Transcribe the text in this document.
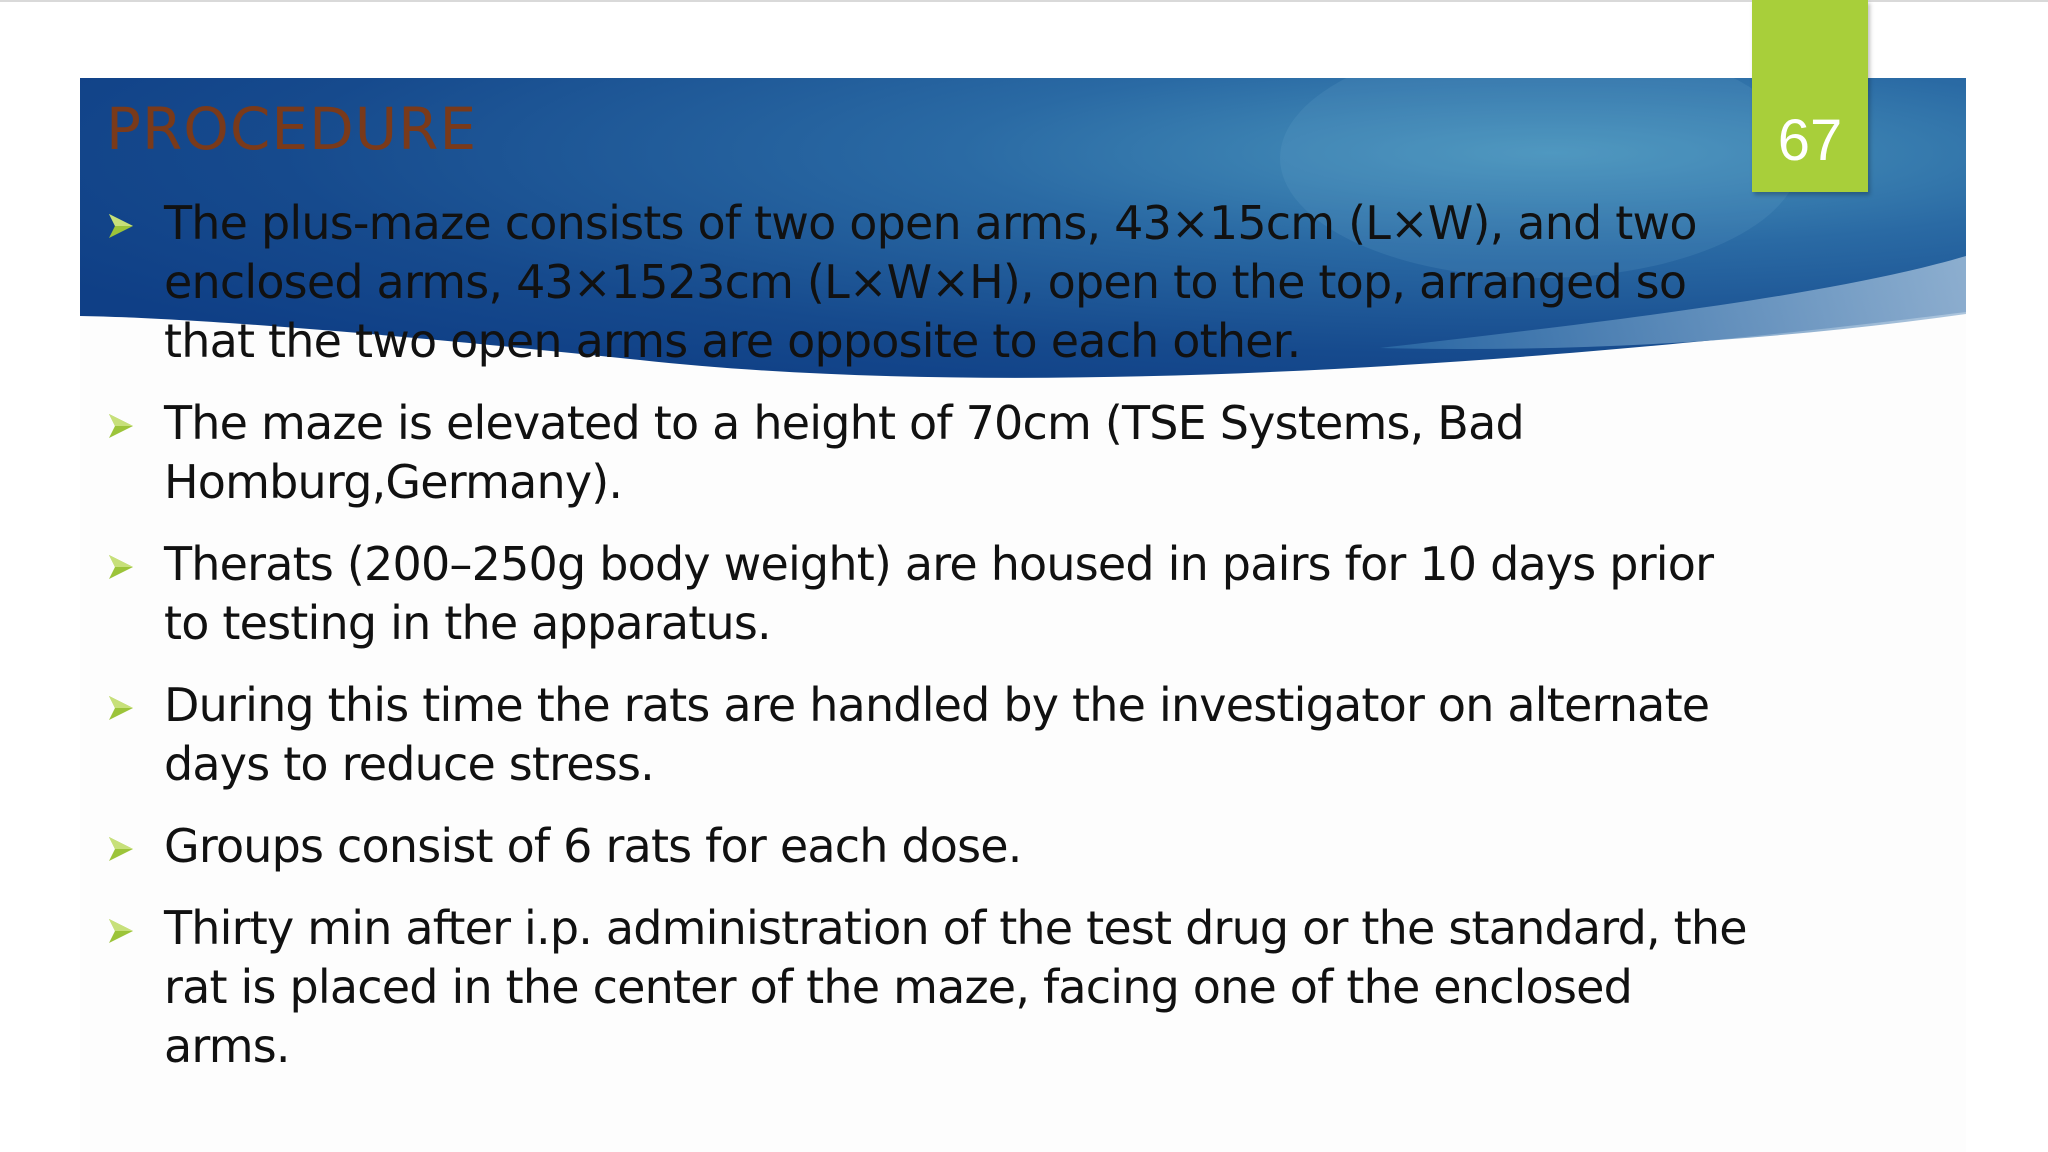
67
PROCEDURE
The plus-maze consists of two open arms, 43×15cm (L×W), and two enclosed arms, 43×1523cm (L×W×H), open to the top, arranged so that the two open arms are opposite to each other.
The maze is elevated to a height of 70cm (TSE Systems, Bad Homburg,Germany).
Therats (200–250g body weight) are housed in pairs for 10 days prior to testing in the apparatus.
During this time the rats are handled by the investigator on alternate days to reduce stress.
Groups consist of 6 rats for each dose.
Thirty min after i.p. administration of the test drug or the standard, the rat is placed in the center of the maze, facing one of the enclosed arms.
